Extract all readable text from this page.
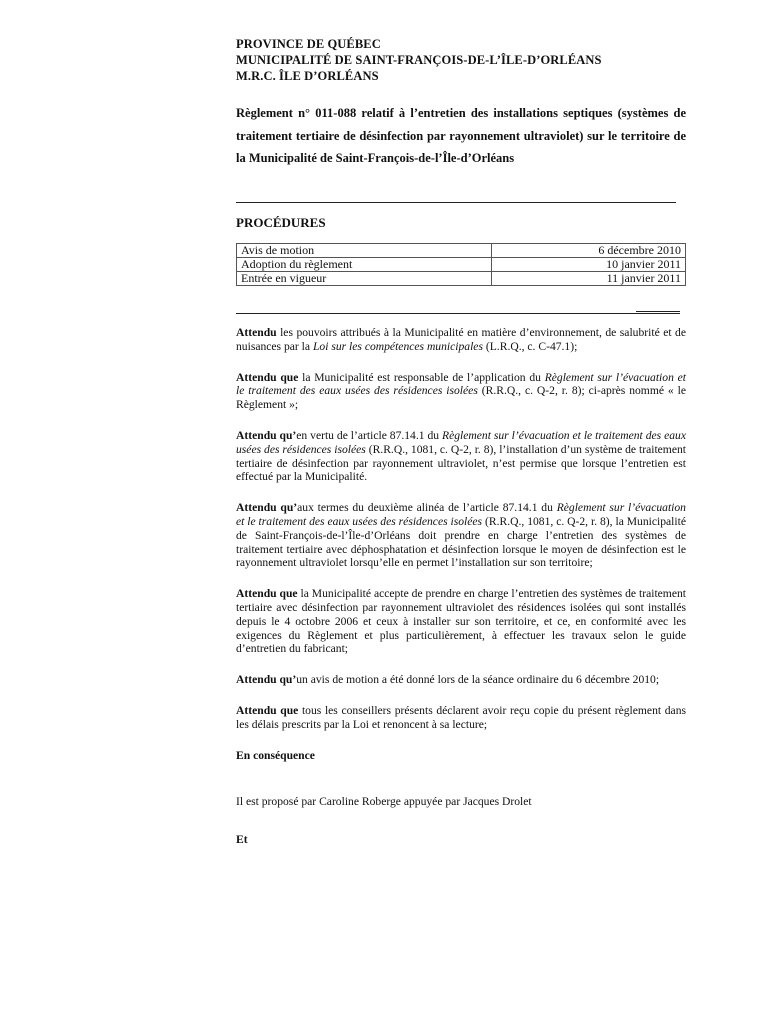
PROVINCE DE QUÉBEC
MUNICIPALITÉ DE SAINT-FRANÇOIS-DE-L’ÎLE-D’ORLÉANS
M.R.C. ÎLE D’ORLÉANS
Règlement n° 011-088 relatif à l’entretien des installations septiques (systèmes de traitement tertiaire de désinfection par rayonnement ultraviolet) sur le territoire de la Municipalité de Saint-François-de-l’Île-d’Orléans
PROCÉDURES
Avis de motion	6 décembre 2010
Adoption du règlement	10 janvier 2011
Entrée en vigueur	11 janvier 2011

Attendu les pouvoirs attribués à la Municipalité en matière d’environnement, de salubrité et de nuisances par la Loi sur les compétences municipales (L.R.Q., c. C-47.1);

Attendu que la Municipalité est responsable de l’application du Règlement sur l’évacuation et le traitement des eaux usées des résidences isolées (R.R.Q., c. Q-2, r. 8); ci-après nommé « le Règlement »;

Attendu qu’en vertu de l’article 87.14.1 du Règlement sur l’évacuation et le traitement des eaux usées des résidences isolées (R.R.Q., 1081, c. Q-2, r. 8), l’installation d’un système de traitement tertiaire de désinfection par rayonnement ultraviolet, n’est permise que lorsque l’entretien est effectué par la Municipalité.

Attendu qu’aux termes du deuxième alinéa de l’article 87.14.1 du Règlement sur l’évacuation et le traitement des eaux usées des résidences isolées (R.R.Q., 1081, c. Q-2, r. 8), la Municipalité de Saint-François-de-l’Île-d’Orléans doit prendre en charge l’entretien des systèmes de traitement tertiaire avec déphosphatation et désinfection lorsque le moyen de désinfection est le rayonnement ultraviolet lorsqu’elle en permet l’installation sur son territoire;

Attendu que la Municipalité accepte de prendre en charge l’entretien des systèmes de traitement tertiaire avec désinfection par rayonnement ultraviolet des résidences isolées qui sont installés depuis le 4 octobre 2006 et ceux à installer sur son territoire, et ce, en conformité avec les exigences du Règlement et plus particulièrement, à effectuer les travaux selon le guide d’entretien du fabricant;

Attendu qu’un avis de motion a été donné lors de la séance ordinaire du 6 décembre 2010;

Attendu que tous les conseillers présents déclarent avoir reçu copie du présent règlement dans les délais prescrits par la Loi et renoncent à sa lecture;

En conséquence

Il est proposé par Caroline Roberge appuyée par Jacques Drolet

Et
